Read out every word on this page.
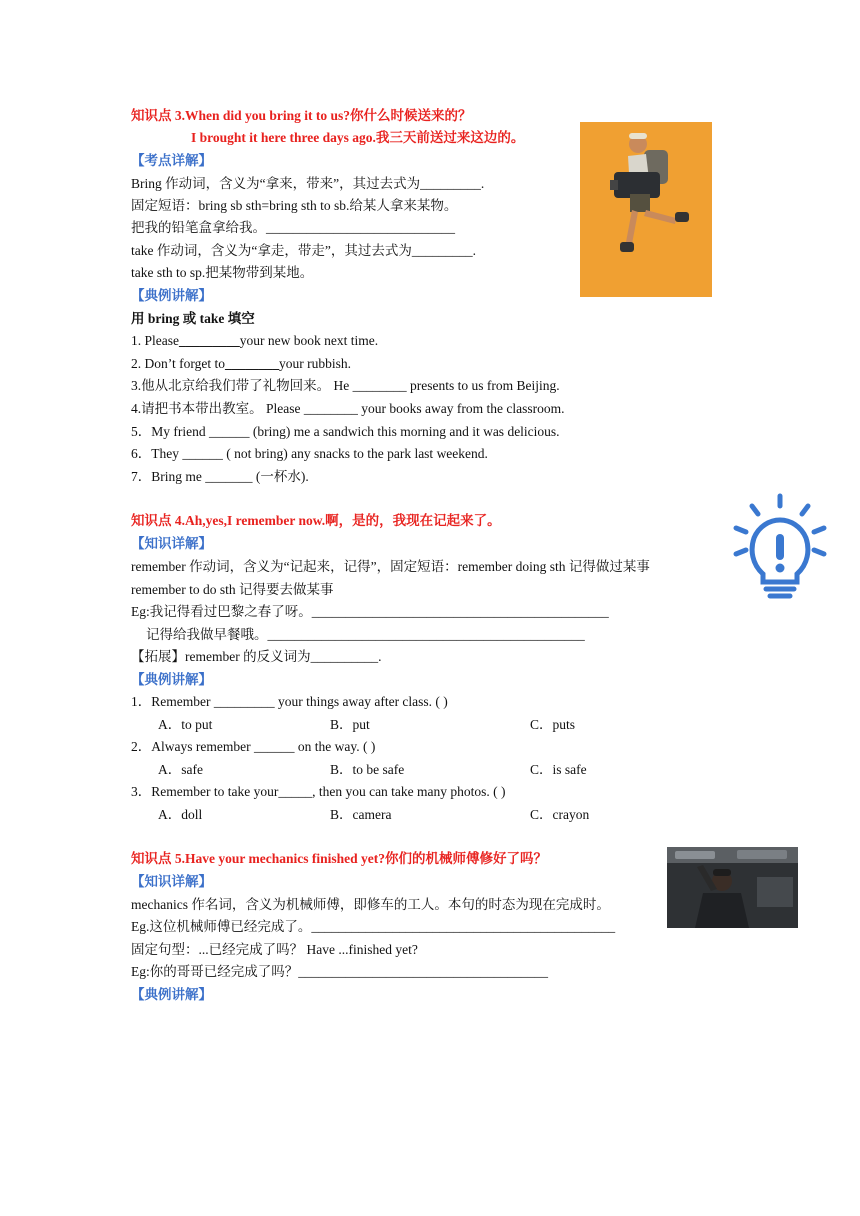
知识点 3.When did you bring it to us?你什么时候送来的？
I brought it here three days ago.我三天前送过来这边的。
【考点详解】
Bring 作动词，含义为“拿来，带来”，其过去式为_________.
固定短语：bring sb sth=bring sth to sb.给某人拿来某物。
把我的铅笔盒拿给我。____________________________
take 作动词，含义为“拿走，带走”，其过去式为_________.
take sth to sp.把某物带到某地。
【典例讲解】
用 bring 或 take 填空
1. Please_________your new book next time.
2. Don’t forget to________your rubbish.
3.他从北京给我们带了礼物回来。 He ________ presents to us from Beijing.
4.请把书本带出教室。 Please ________ your books away from the classroom.
5．My friend ______ (bring) me a sandwich this morning and it was delicious.
6．They ______ ( not bring) any snacks to the park last weekend.
7．Bring me _______ (一杯水).
知识点 4.Ah,yes,I remember now.啊，是的，我现在记起来了。
【知识详解】
remember 作动词，含义为“记起来，记得”，固定短语：remember doing sth 记得做过某事
remember to do sth 记得要去做某事
Eg:我记得看过巴黎之春了呀。____________________________________________
记得给我做早餐哦。_______________________________________________
【拓展】remember 的反义词为__________.
【典例讲解】
1．Remember _________ your things away after class. ( )
A．to put	B．put	C．puts
2．Always remember ______ on the way. ( )
A．safe	B．to be safe	C．is safe
3．Remember to take your_____, then you can take many photos. ( )
A．doll	B．camera	C．crayon
知识点 5.Have your mechanics finished yet?你们的机械师傅修好了吗？
【知识详解】
mechanics 作名词，含义为机械师傅，即修车的工人。本句的时态为现在完成时。
Eg.这位机械师傅已经完成了。_____________________________________________
固定句型：...已经完成了吗？ Have ...finished yet?
Eg:你的哥哥已经完成了吗？_____________________________________
【典例讲解】
